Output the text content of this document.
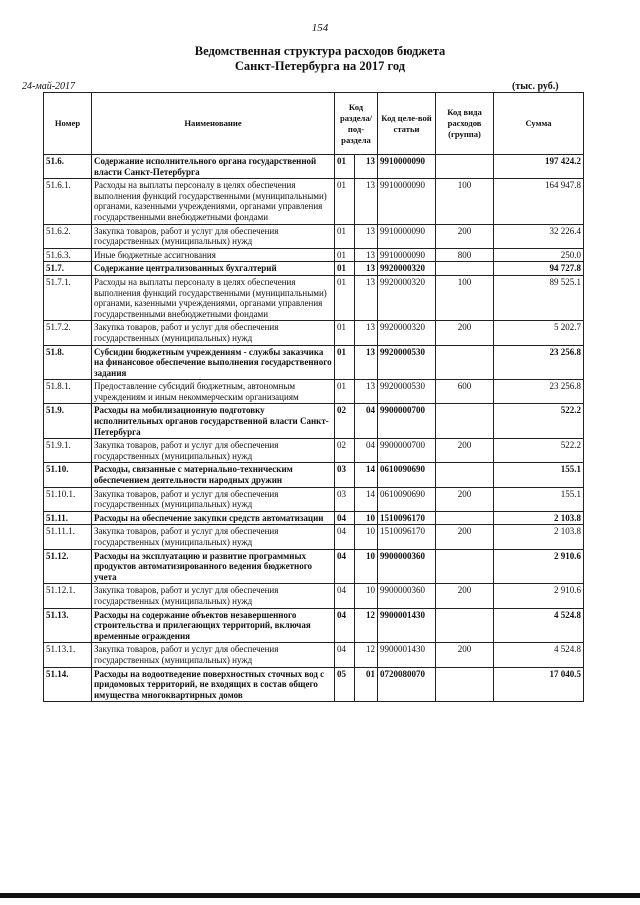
154
Ведомственная структура расходов бюджета
Санкт-Петербурга на 2017 год
24-май-2017	(тыс. руб.)
Номер	Наименование	Код раздела/ под-раздела		Код целе-вой статьи	Код вида расходов (группа)	Сумма
51.6.	Содержание исполнительного органа государственной власти Санкт-Петербурга	01	13	9910000090		197 424.2
51.6.1.	Расходы на выплаты персоналу в целях обеспечения выполнения функций государственными (муниципальными) органами, казенными учреждениями, органами управления государственными внебюджетными фондами	01	13	9910000090	100	164 947.8
51.6.2.	Закупка товаров, работ и услуг для обеспечения государственных (муниципальных) нужд	01	13	9910000090	200	32 226.4
51.6.3.	Иные бюджетные ассигнования	01	13	9910000090	800	250.0
51.7.	Содержание централизованных бухгалтерий	01	13	9920000320		94 727.8
51.7.1.	Расходы на выплаты персоналу в целях обеспечения выполнения функций государственными (муниципальными) органами, казенными учреждениями, органами управления государственными внебюджетными фондами	01	13	9920000320	100	89 525.1
51.7.2.	Закупка товаров, работ и услуг для обеспечения государственных (муниципальных) нужд	01	13	9920000320	200	5 202.7
51.8.	Субсидии бюджетным учреждениям - службы заказчика на финансовое обеспечение выполнения государственного задания	01	13	9920000530		23 256.8
51.8.1.	Предоставление субсидий бюджетным, автономным учреждениям и иным некоммерческим организациям	01	13	9920000530	600	23 256.8
51.9.	Расходы на мобилизационную подготовку исполнительных органов государственной власти Санкт-Петербурга	02	04	9900000700		522.2
51.9.1.	Закупка товаров, работ и услуг для обеспечения государственных (муниципальных) нужд	02	04	9900000700	200	522.2
51.10.	Расходы, связанные с материально-техническим обеспечением деятельности народных дружин	03	14	0610090690		155.1
51.10.1.	Закупка товаров, работ и услуг для обеспечения государственных (муниципальных) нужд	03	14	0610090690	200	155.1
51.11.	Расходы на обеспечение закупки средств автоматизации	04	10	1510096170		2 103.8
51.11.1.	Закупка товаров, работ и услуг для обеспечения государственных (муниципальных) нужд	04	10	1510096170	200	2 103.8
51.12.	Расходы на эксплуатацию и развитие программных продуктов автоматизированного ведения бюджетного учета	04	10	9900000360		2 910.6
51.12.1.	Закупка товаров, работ и услуг для обеспечения государственных (муниципальных) нужд	04	10	9900000360	200	2 910.6
51.13.	Расходы на содержание объектов незавершенного строительства и прилегающих территорий, включая временные ограждения	04	12	9900001430		4 524.8
51.13.1.	Закупка товаров, работ и услуг для обеспечения государственных (муниципальных) нужд	04	12	9900001430	200	4 524.8
51.14.	Расходы на водоотведение поверхностных сточных вод с придомовых территорий, не входящих в состав общего имущества многоквартирных домов	05	01	0720080070		17 040.5
